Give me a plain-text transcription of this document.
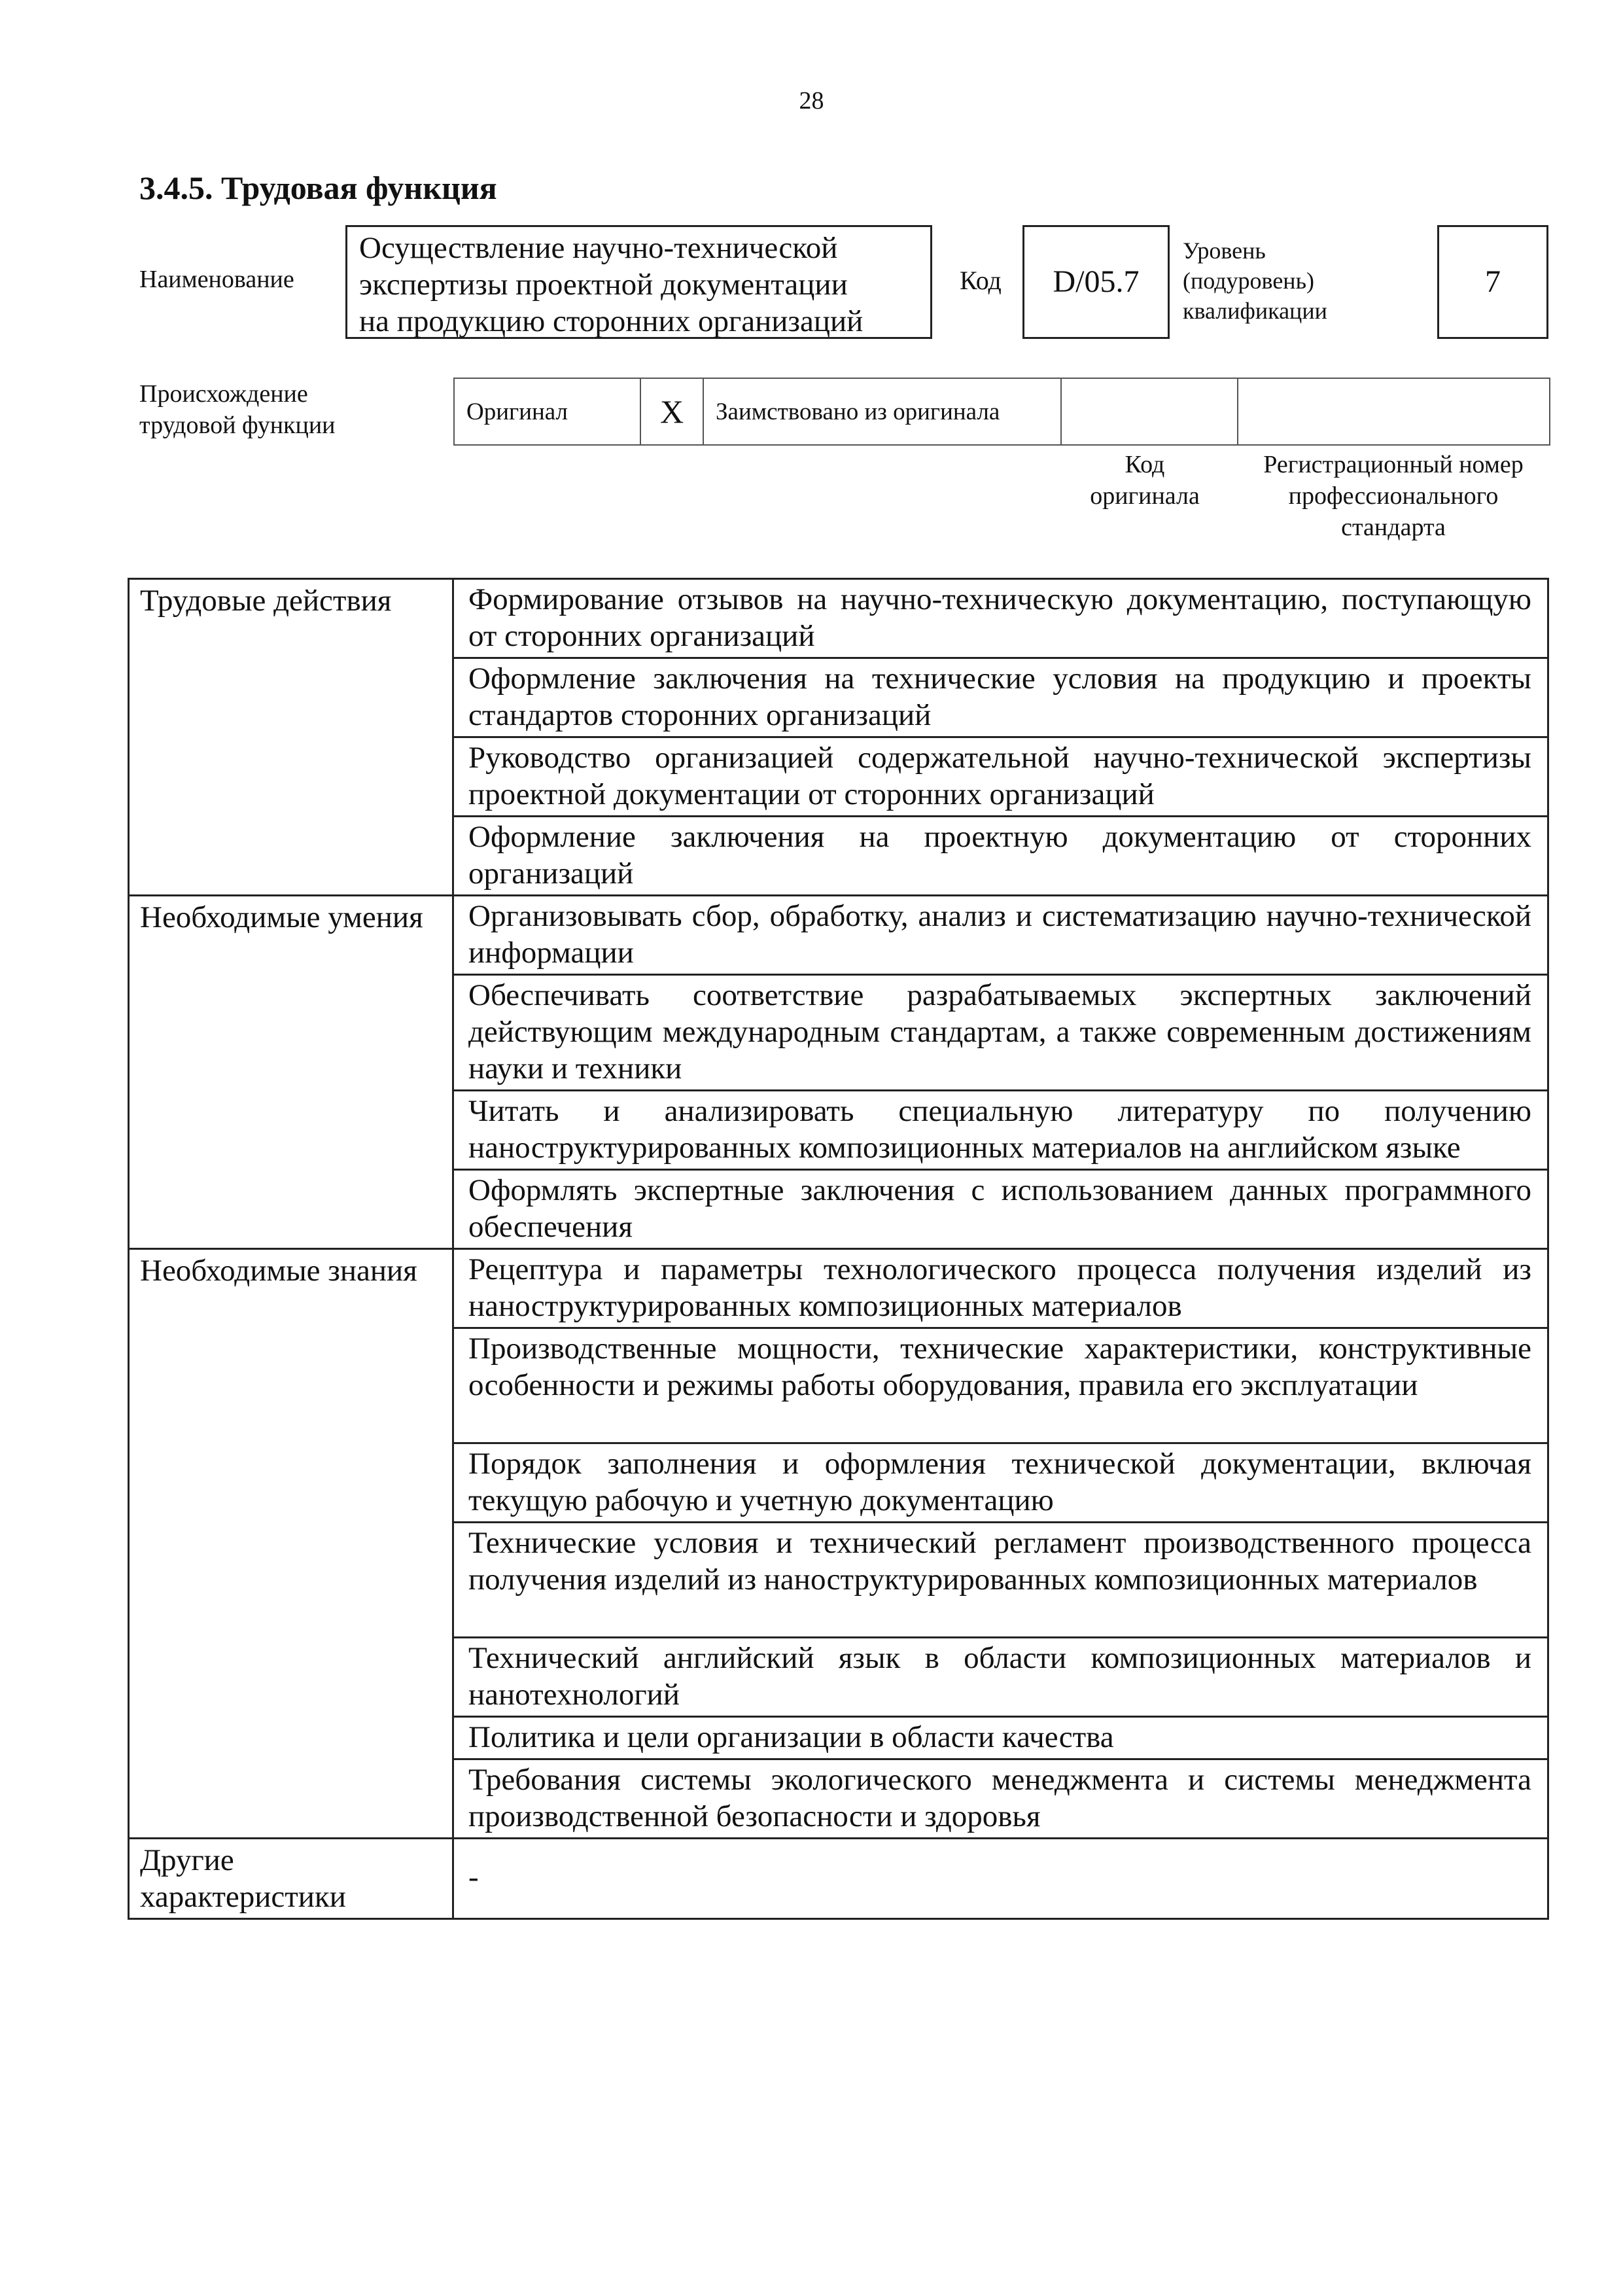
28
3.4.5. Трудовая функция
Наименование
Осуществление научно-технической
экспертизы проектной документации
на продукцию сторонних организаций
Код	D/05.7
Уровень
(подуровень)
квалификации
7
Происхождение
трудовой функции	Оригинал	X	Заимствовано из оригинала		
Код
оригинала
Регистрационный номер
профессионального
стандарта
Трудовые действия	Формирование отзывов на научно-техническую документацию, поступающую от сторонних организаций
	Оформление заключения на технические условия на продукцию и проекты стандартов сторонних организаций
	Руководство организацией содержательной научно-технической экспертизы проектной документации от сторонних организаций
	Оформление заключения на проектную документацию от сторонних организаций
Необходимые умения	Организовывать сбор, обработку, анализ и систематизацию научно-технической информации
	Обеспечивать соответствие разрабатываемых экспертных заключений действующим международным стандартам, а также современным достижениям науки и техники
	Читать и анализировать специальную литературу по получению наноструктурированных композиционных материалов на английском языке
	Оформлять экспертные заключения с использованием данных программного обеспечения
Необходимые знания	Рецептура и параметры технологического процесса получения изделий из наноструктурированных композиционных материалов
	Производственные мощности, технические характеристики, конструктивные особенности и режимы работы оборудования, правила его эксплуатации
	Порядок заполнения и оформления технической документации, включая текущую рабочую и учетную документацию
	Технические условия и технический регламент производственного процесса получения изделий из наноструктурированных композиционных материалов
	Технический английский язык в области композиционных материалов и нанотехнологий
	Политика и цели организации в области качества
	Требования системы экологического менеджмента и системы менеджмента производственной безопасности и здоровья
Другие характеристики	-
